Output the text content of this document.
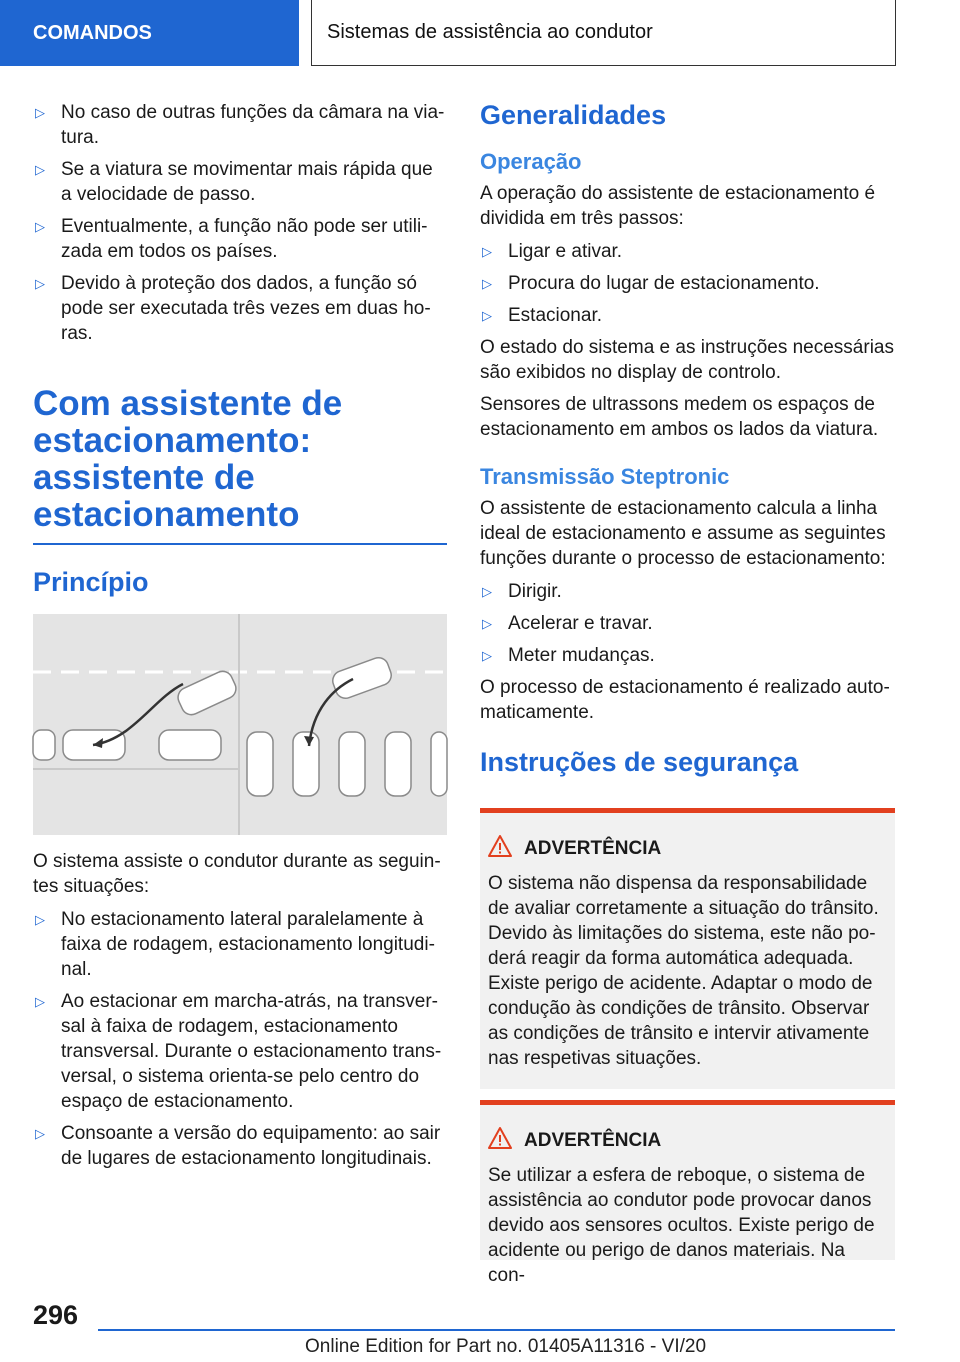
COMANDOS	Sistemas de assistência ao condutor
▷ No caso de outras funções da câmara na via-tura.
▷ Se a viatura se movimentar mais rápida que a velocidade de passo.
▷ Eventualmente, a função não pode ser utili-zada em todos os países.
▷ Devido à proteção dos dados, a função só pode ser executada três vezes em duas ho-ras.
Com assistente de estacionamento: assistente de estacionamento
Princípio

O sistema assiste o condutor durante as seguin-tes situações:

▷ No estacionamento lateral paralelamente à faixa de rodagem, estacionamento longitudi-nal.
▷ Ao estacionar em marcha-atrás, na transver-sal à faixa de rodagem, estacionamento transversal. Durante o estacionamento trans-versal, o sistema orienta-se pelo centro do espaço de estacionamento.
▷ Consoante a versão do equipamento: ao sair de lugares de estacionamento longitudinais.
Generalidades
Operação

A operação do assistente de estacionamento é dividida em três passos:

▷ Ligar e ativar.
▷ Procura do lugar de estacionamento.
▷ Estacionar.

O estado do sistema e as instruções necessárias são exibidos no display de controlo.

Sensores de ultrassons medem os espaços de estacionamento em ambos os lados da viatura.

Transmissão Steptronic

O assistente de estacionamento calcula a linha ideal de estacionamento e assume as seguintes funções durante o processo de estacionamento:

▷ Dirigir.
▷ Acelerar e travar.
▷ Meter mudanças.

O processo de estacionamento é realizado auto-maticamente.

Instruções de segurança
ADVERTÊNCIA
O sistema não dispensa da responsabilidade de avaliar corretamente a situação do trânsito. Devido às limitações do sistema, este não po-derá reagir da forma automática adequada. Existe perigo de acidente. Adaptar o modo de condução às condições de trânsito. Observar as condições de trânsito e intervir ativamente nas respetivas situações.
ADVERTÊNCIA
Se utilizar a esfera de reboque, o sistema de assistência ao condutor pode provocar danos devido aos sensores ocultos. Existe perigo de acidente ou perigo de danos materiais. Na con-
296
Online Edition for Part no. 01405A11316 - VI/20
